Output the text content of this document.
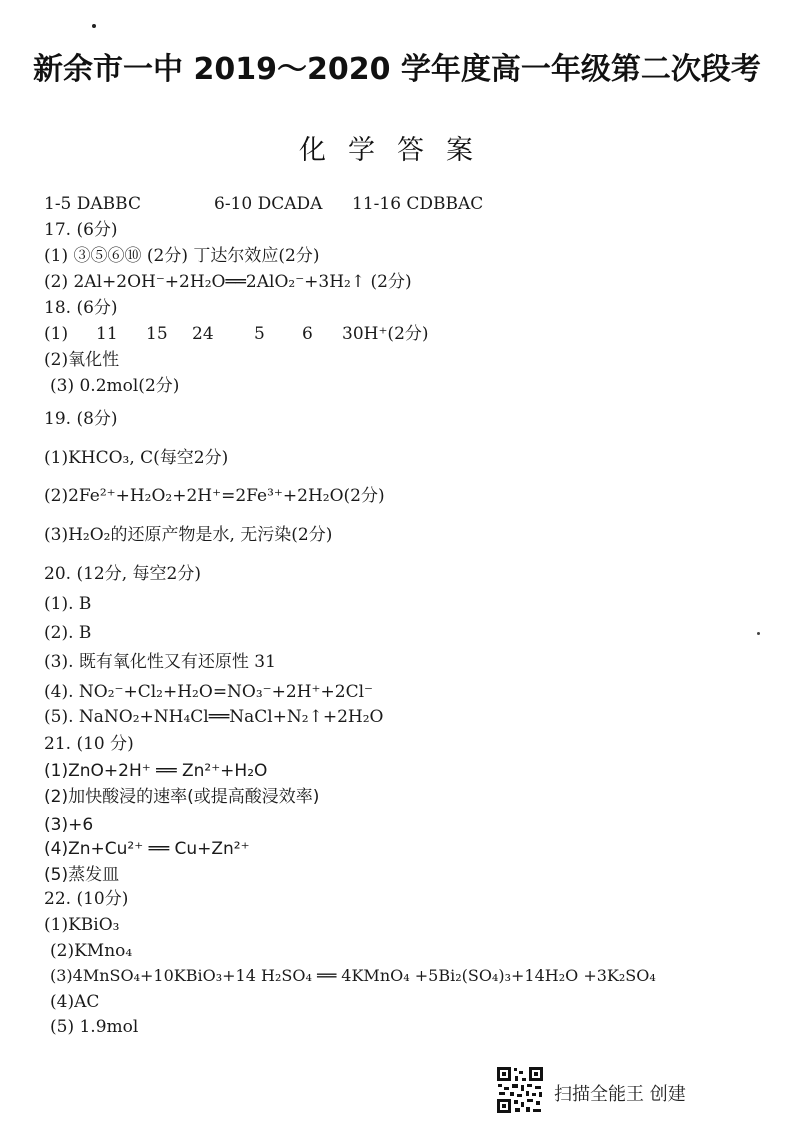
新余市一中 2019～2020 学年度高一年级第二次段考
化学答案
1-5 DABBC	6-10 DCADA 11-16 CDBBAC
17. (6分)
(1) ③⑤⑥⑩ (2分) 丁达尔效应(2分)
(2) 2Al+2OH⁻+2H₂O══2AlO₂⁻+3H₂↑ (2分)
18. (6分)
(1) 11 15 24 5 6 30H⁺(2分)
(2)氧化性
(3) 0.2mol(2分)
19. (8分)
(1)KHCO₃, C(每空2分)
(2)2Fe²⁺+H₂O₂+2H⁺=2Fe³⁺+2H₂O(2分)
(3)H₂O₂的还原产物是水, 无污染(2分)
20. (12分, 每空2分)
(1). B
(2). B
(3). 既有氧化性又有还原性 31
(4). NO₂⁻+Cl₂+H₂O=NO₃⁻+2H⁺+2Cl⁻
(5). NaNO₂+NH₄Cl══NaCl+N₂↑+2H₂O
21. (10 分)
(1)ZnO+2H⁺ ══ Zn²⁺+H₂O
(2)加快酸浸的速率(或提高酸浸效率)
(3)+6
(4)Zn+Cu²⁺ ══ Cu+Zn²⁺
(5)蒸发皿
22. (10分)
(1)KBiO₃
(2)KMno₄
(3)4MnSO₄+10KBiO₃+14 H₂SO₄ ══ 4KMnO₄ +5Bi₂(SO₄)₃+14H₂O +3K₂SO₄
(4)AC
(5) 1.9mol
扫描全能王 创建
